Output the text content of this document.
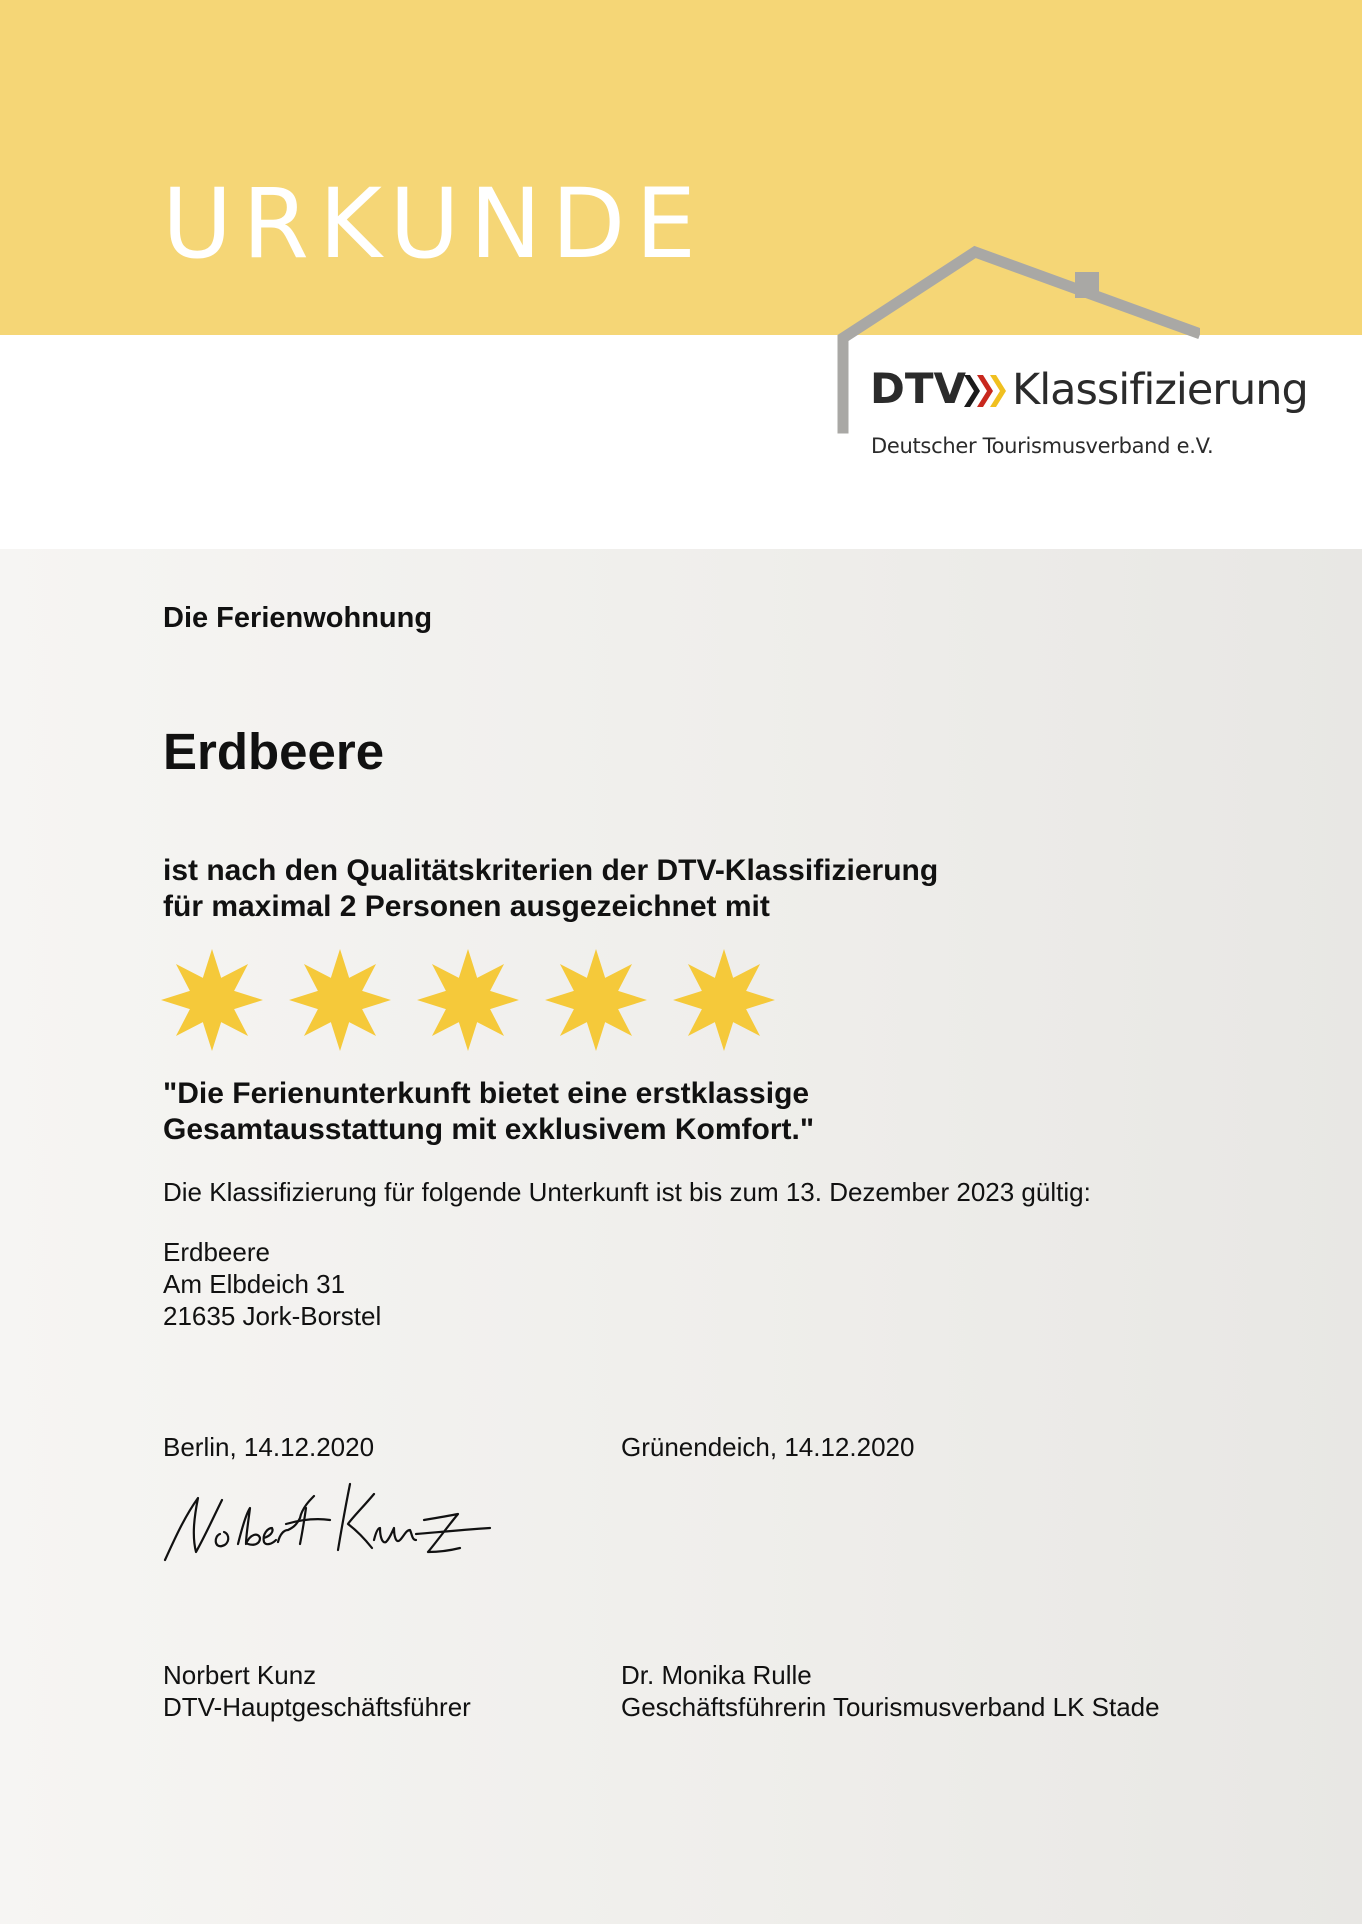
URKUNDE
DTV Klassifizierung
Deutscher Tourismusverband e.V.

Die Ferienwohnung

Erdbeere

ist nach den Qualitätskriterien der DTV-Klassifizierung

für maximal 2 Personen ausgezeichnet mit

"Die Ferienunterkunft bietet eine erstklassige

Gesamtausstattung mit exklusivem Komfort."

Die Klassifizierung für folgende Unterkunft ist bis zum 13. Dezember 2023 gültig:

Erdbeere

Am Elbdeich 31

21635 Jork-Borstel

Berlin, 14.12.2020	Grünendeich, 14.12.2020

Norbert Kunz

DTV-Hauptgeschäftsführer

Dr. Monika Rulle

Geschäftsführerin Tourismusverband LK Stade
